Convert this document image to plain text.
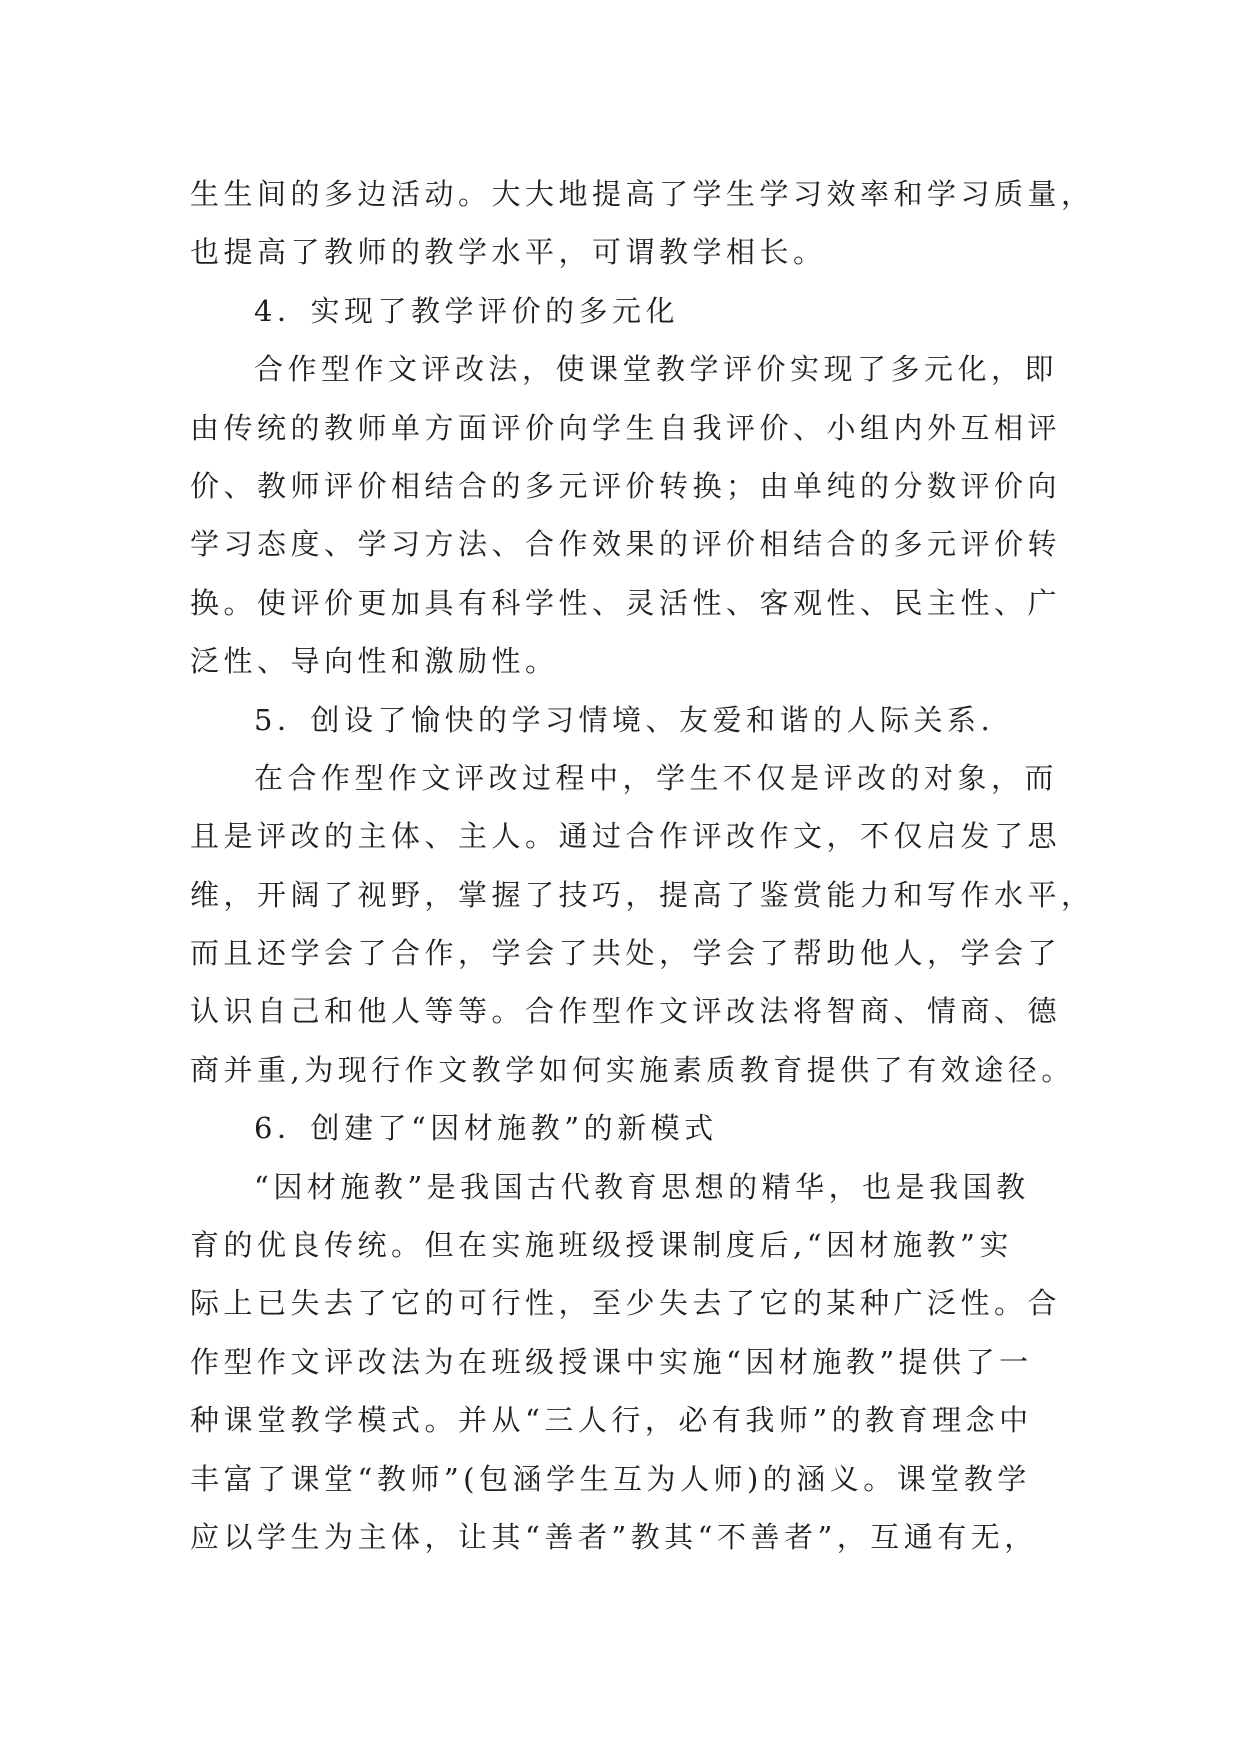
生生间的多边活动。大大地提高了学生学习效率和学习质量，
也提高了教师的教学水平，可谓教学相长。
4．实现了教学评价的多元化
合作型作文评改法，使课堂教学评价实现了多元化，即
由传统的教师单方面评价向学生自我评价、小组内外互相评
价、教师评价相结合的多元评价转换；由单纯的分数评价向
学习态度、学习方法、合作效果的评价相结合的多元评价转
换。使评价更加具有科学性、灵活性、客观性、民主性、广
泛性、导向性和激励性。
5．创设了愉快的学习情境、友爱和谐的人际关系.
在合作型作文评改过程中，学生不仅是评改的对象，而
且是评改的主体、主人。通过合作评改作文，不仅启发了思
维，开阔了视野，掌握了技巧，提高了鉴赏能力和写作水平，
而且还学会了合作，学会了共处，学会了帮助他人，学会了
认识自己和他人等等。合作型作文评改法将智商、情商、德
商并重,为现行作文教学如何实施素质教育提供了有效途径。
6．创建了“因材施教”的新模式
“因材施教”是我国古代教育思想的精华，也是我国教
育的优良传统。但在实施班级授课制度后,“因材施教”实
际上已失去了它的可行性，至少失去了它的某种广泛性。合
作型作文评改法为在班级授课中实施“因材施教”提供了一
种课堂教学模式。并从“三人行，必有我师”的教育理念中
丰富了课堂“教师”(包涵学生互为人师)的涵义。课堂教学
应以学生为主体，让其“善者”教其“不善者”，互通有无，
